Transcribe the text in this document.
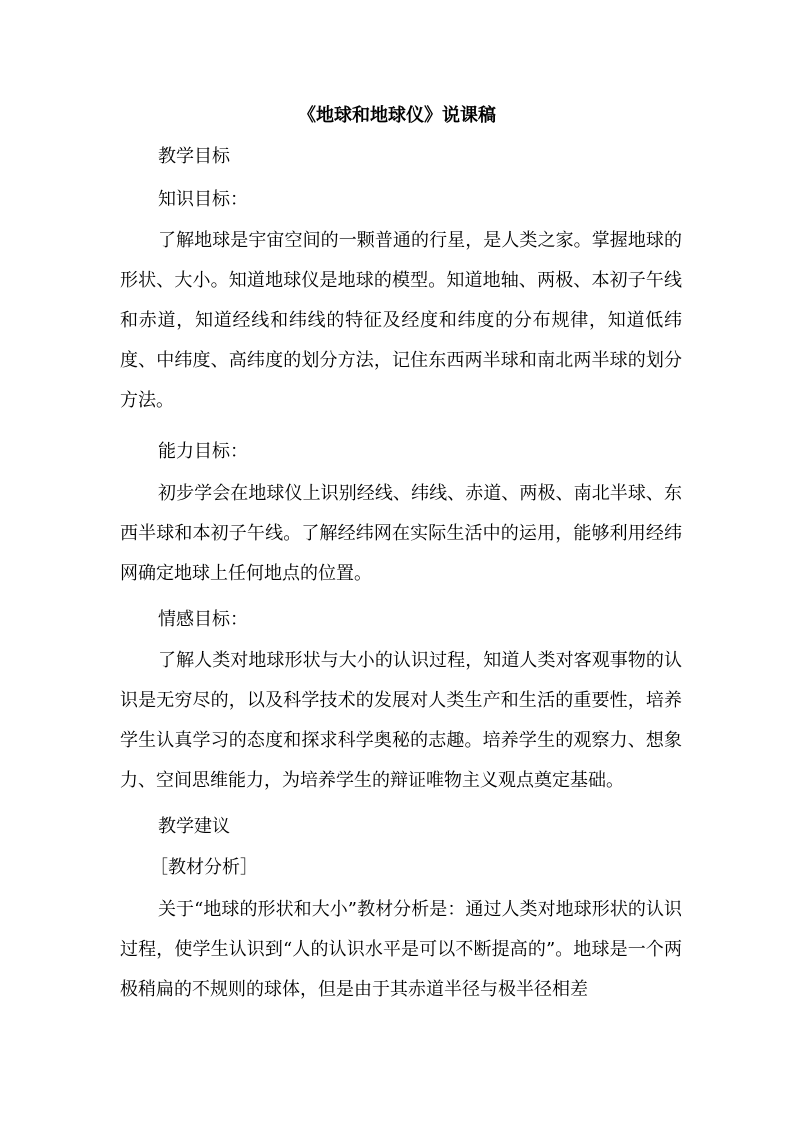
《地球和地球仪》说课稿
教学目标
知识目标：
了解地球是宇宙空间的一颗普通的行星，是人类之家。掌握地球的形状、大小。知道地球仪是地球的模型。知道地轴、两极、本初子午线和赤道，知道经线和纬线的特征及经度和纬度的分布规律，知道低纬度、中纬度、高纬度的划分方法，记住东西两半球和南北两半球的划分方法。
能力目标：
初步学会在地球仪上识别经线、纬线、赤道、两极、南北半球、东西半球和本初子午线。了解经纬网在实际生活中的运用，能够利用经纬网确定地球上任何地点的位置。
情感目标：
了解人类对地球形状与大小的认识过程，知道人类对客观事物的认识是无穷尽的，以及科学技术的发展对人类生产和生活的重要性，培养学生认真学习的态度和探求科学奥秘的志趣。培养学生的观察力、想象力、空间思维能力，为培养学生的辩证唯物主义观点奠定基础。
教学建议
［教材分析］
关于“地球的形状和大小”教材分析是：通过人类对地球形状的认识过程，使学生认识到“人的认识水平是可以不断提高的”。地球是一个两极稍扁的不规则的球体，但是由于其赤道半径与极半径相差
